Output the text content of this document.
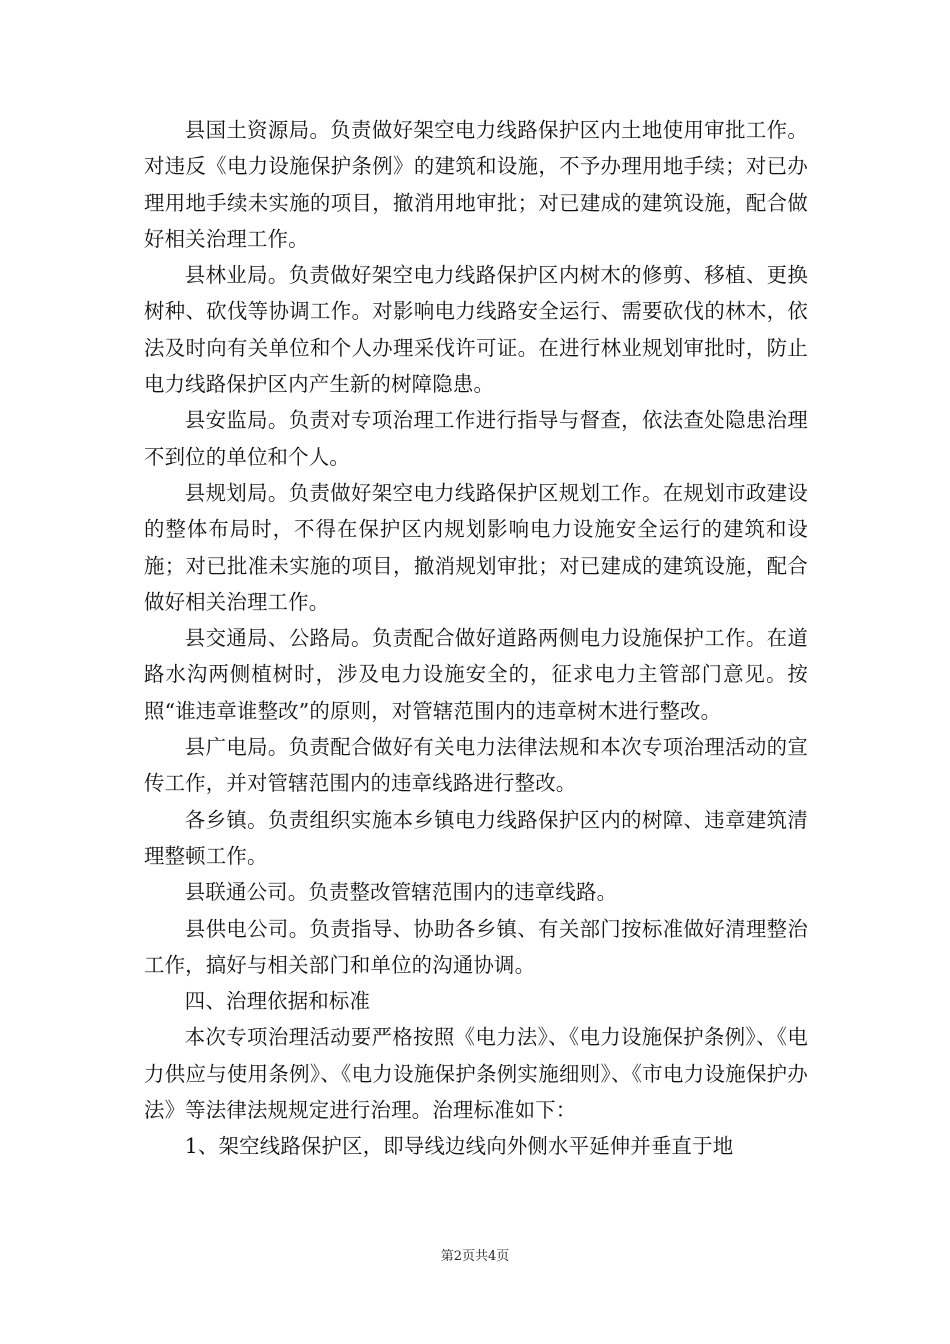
县国土资源局。负责做好架空电力线路保护区内土地使用审批工作。对违反《电力设施保护条例》的建筑和设施，不予办理用地手续；对已办理用地手续未实施的项目，撤消用地审批；对已建成的建筑设施，配合做好相关治理工作。

县林业局。负责做好架空电力线路保护区内树木的修剪、移植、更换树种、砍伐等协调工作。对影响电力线路安全运行、需要砍伐的林木，依法及时向有关单位和个人办理采伐许可证。在进行林业规划审批时，防止电力线路保护区内产生新的树障隐患。

县安监局。负责对专项治理工作进行指导与督查，依法查处隐患治理不到位的单位和个人。

县规划局。负责做好架空电力线路保护区规划工作。在规划市政建设的整体布局时，不得在保护区内规划影响电力设施安全运行的建筑和设施；对已批准未实施的项目，撤消规划审批；对已建成的建筑设施，配合做好相关治理工作。

县交通局、公路局。负责配合做好道路两侧电力设施保护工作。在道路水沟两侧植树时，涉及电力设施安全的，征求电力主管部门意见。按照“谁违章谁整改”的原则，对管辖范围内的违章树木进行整改。

县广电局。负责配合做好有关电力法律法规和本次专项治理活动的宣传工作，并对管辖范围内的违章线路进行整改。

各乡镇。负责组织实施本乡镇电力线路保护区内的树障、违章建筑清理整顿工作。

县联通公司。负责整改管辖范围内的违章线路。

县供电公司。负责指导、协助各乡镇、有关部门按标准做好清理整治工作，搞好与相关部门和单位的沟通协调。

四、治理依据和标准

本次专项治理活动要严格按照《电力法》、《电力设施保护条例》、《电力供应与使用条例》、《电力设施保护条例实施细则》、《市电力设施保护办法》等法律法规规定进行治理。治理标准如下：

1、架空线路保护区，即导线边线向外侧水平延伸并垂直于地

第2页共4页
